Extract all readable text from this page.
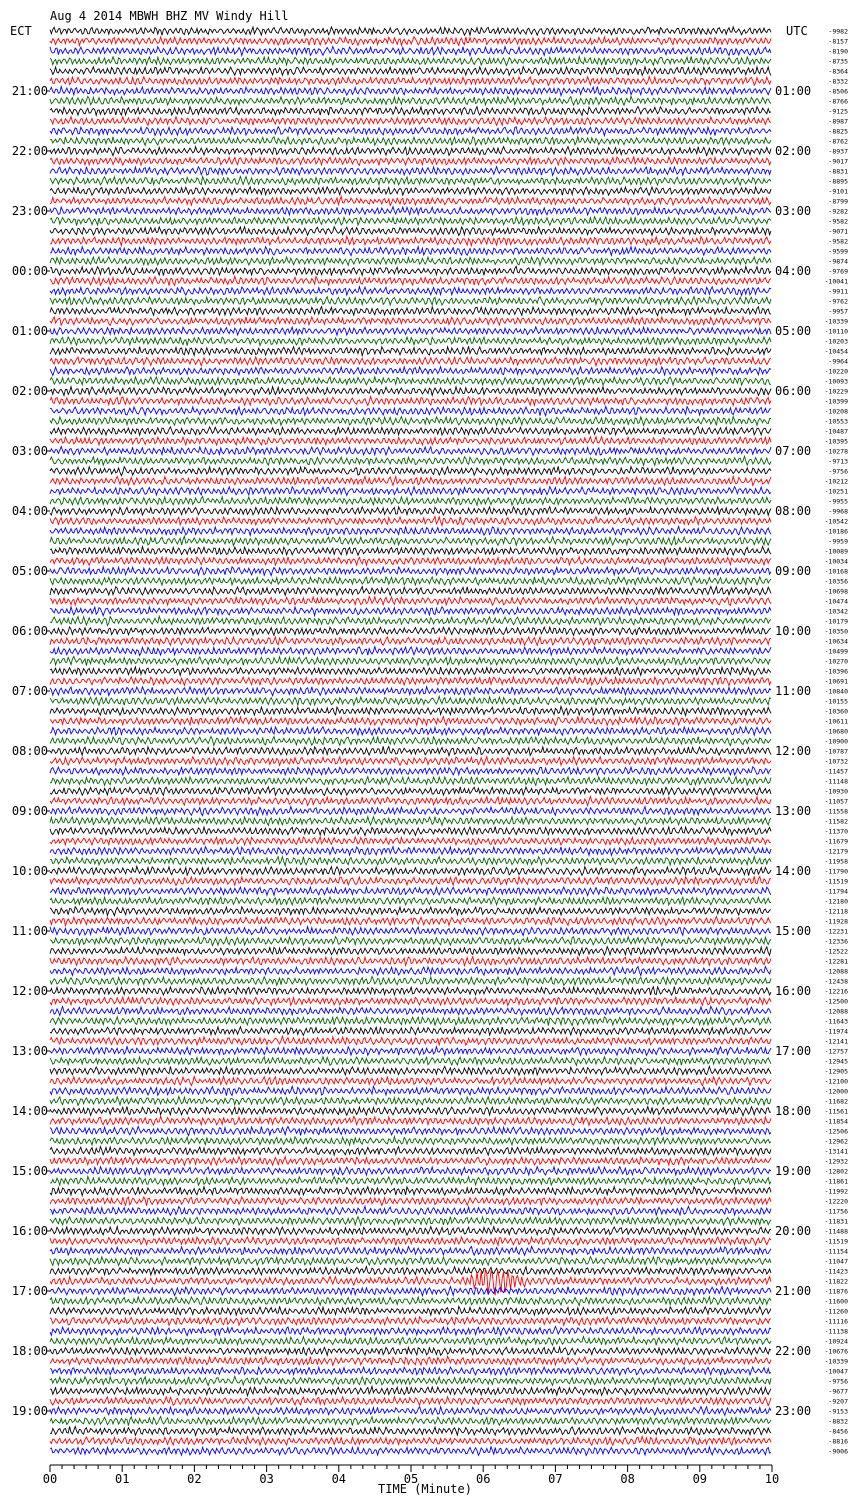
Aug 4 2014 MBWH BHZ MV Windy Hill
ECT	UTC
21:00
22:00
23:00
00:00
01:00
02:00
03:00
04:00
05:00
06:00
07:00
08:00
09:00
10:00
11:00
12:00
13:00
14:00
15:00
16:00
17:00
18:00
19:00
01:00
02:00
03:00
04:00
05:00
06:00
07:00
08:00
09:00
10:00
11:00
12:00
13:00
14:00
15:00
16:00
17:00
18:00
19:00
20:00
21:00
22:00
23:00
-9982
-8157
-8190
-8735
-8364
-8332
-8506
-8766
-9125
-8987
-8825
-8762
-8937
-9017
-8831
-8895
-9101
-8799
-9282
-9582
-9071
-9582
-9599
-9874
-9769
-10041
-9911
-9762
-9957
-10339
-10110
-10203
-10454
-9964
-10220
-10093
-10229
-10399
-10208
-10553
-10487
-10395
-10278
-9713
-9756
-10212
-10251
-9955
-9968
-10542
-10186
-9959
-10089
-10034
-10168
-10356
-10698
-10474
-10342
-10179
-10350
-10634
-10499
-10270
-10396
-10691
-10840
-10155
-10360
-10611
-10680
-10900
-10787
-10732
-11457
-11148
-10930
-11057
-11558
-11582
-11370
-11679
-12179
-11958
-11790
-11519
-11794
-12180
-12118
-11928
-12231
-12336
-12522
-12281
-12088
-12438
-12216
-12500
-12088
-11643
-11974
-12141
-12757
-12945
-12905
-12100
-12000
-11682
-11561
-11854
-12506
-12962
-13141
-12932
-12802
-11861
-11992
-12220
-11756
-11831
-11488
-11519
-11154
-11047
-11423
-11822
-11876
-11600
-11260
-11116
-11138
-10924
-10676
-10339
-10047
-9756
-9677
-9207
-9153
-8832
-8456
-8816
-9006
00	01	02	03	04	05	06	07	08	09	10
TIME (Minute)
